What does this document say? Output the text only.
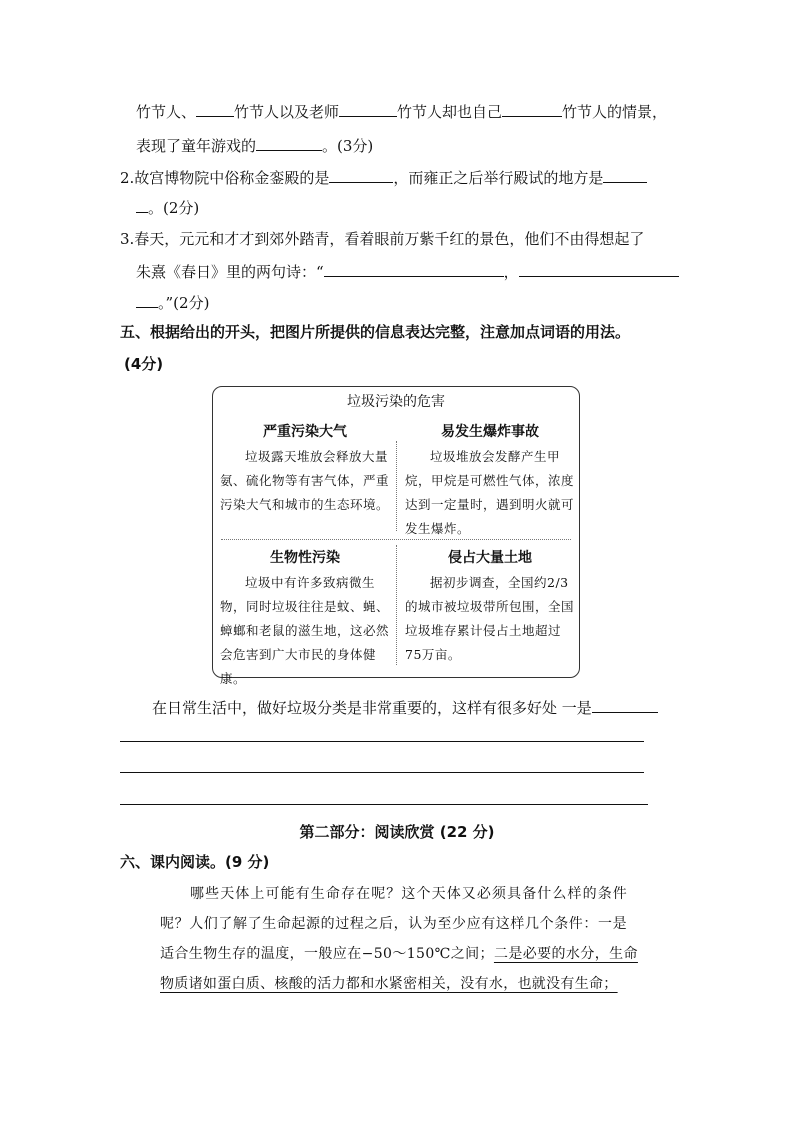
竹节人、	竹节人以及老师	竹节人却也自己	竹节人的情景，
表现了童年游戏的	。(3分)
2.故宫博物院中俗称金銮殿的是	，而雍正之后举行殿试的地方是
。(2分)
3.春天，元元和才才到郊外踏青，看着眼前万紫千红的景色，他们不由得想起了
朱熹《春日》里的两句诗：“	，
。”(2分)
五、根据给出的开头，把图片所提供的信息表达完整，注意加点词语的用法。
(4分)
垃圾污染的危害
严重污染大气
垃圾露天堆放会释放大量氨、硫化物等有害气体，严重污染大气和城市的生态环境。
易发生爆炸事故
垃圾堆放会发酵产生甲烷，甲烷是可燃性气体，浓度达到一定量时，遇到明火就可发生爆炸。
生物性污染
垃圾中有许多致病微生物，同时垃圾往往是蚊、蝇、蟑螂和老鼠的滋生地，这必然会危害到广大市民的身体健康。
侵占大量土地
据初步调查，全国约2/3的城市被垃圾带所包围，全国垃圾堆存累计侵占土地超过75万亩。
在日常生活中，做好垃圾分类是非常重要的，这样有很多好处 一是
第二部分：阅读欣赏 (22 分)
六、课内阅读。(9 分)
哪些天体上可能有生命存在呢？这个天体又必须具备什么样的条件
呢？人们了解了生命起源的过程之后，认为至少应有这样几个条件：一是
适合生物生存的温度，一般应在−50～150℃之间；二是必要的水分，生命
物质诸如蛋白质、核酸的活力都和水紧密相关，没有水，也就没有生命；
